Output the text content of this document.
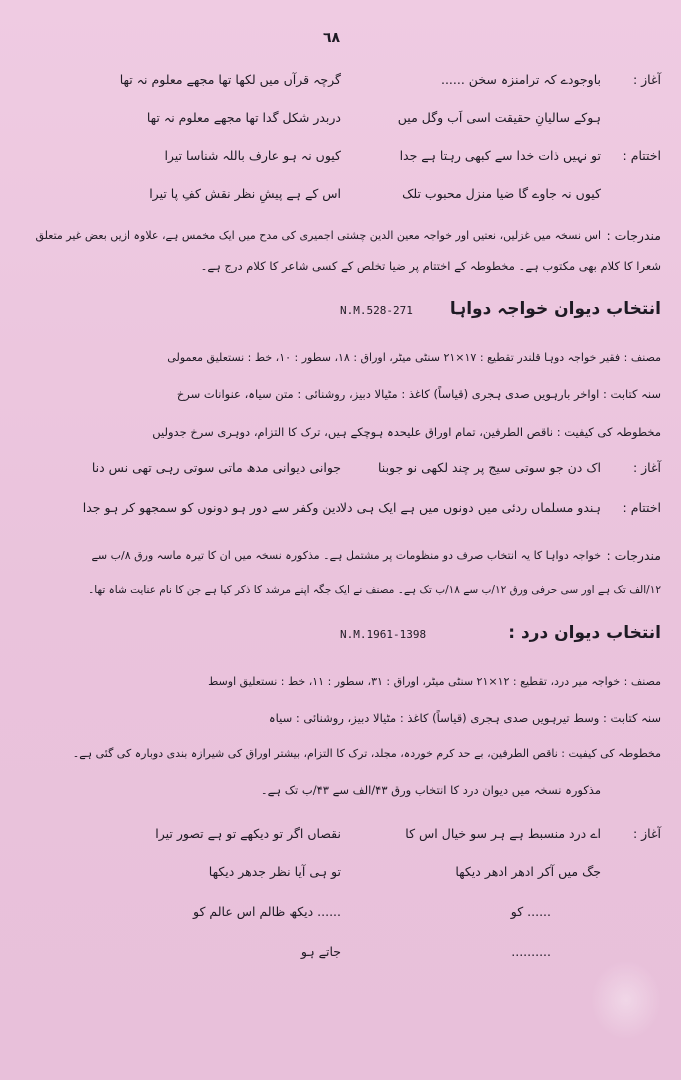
٦٨
آغاز :
باوجودے کہ ترامنزہ سخن ......
گرچہ قرآں میں لکھا تھا مجھے معلوم نہ تھا
ہوکے سالیانِ حقیقت اسی اَب وگل میں
دربدر شکل گدا تھا مجھے معلوم نہ تھا
اختتام :
تو نہیں ذات خدا سے کبھی رہتا ہے جدا
کیوں نہ ہو عارف باللہ شناسا تیرا
کیوں نہ جاوے گا ضیا منزل محبوب تلک
اس کے ہے پیشِ نظر نقش کفِ پا تیرا
مندرجات :
اس نسخہ میں غزلیں، نعتیں اور خواجہ معین الدین چشتی اجمیری کی مدح میں ایک مخمس ہے، علاوہ ازیں بعض غیر متعلق
شعرا کا کلام بھی مکتوب ہے۔ مخطوطہ کے اختتام پر ضیا تخلص کے کسی شاعر کا کلام درج ہے۔
انتخاب دیوان خواجہ دواہا
N.M.528-271
مصنف : فقیر خواجہ دوہا قلندر تقطیع : ۱۷×۲۱ سنٹی میٹر، اوراق : ۱۸، سطور : ۱۰، خط : نستعلیق معمولی
سنہ کتابت : اواخر بارہویں صدی ہجری (قیاساً) کاغذ : مٹیالا دبیز، روشنائی : متن سیاہ، عنوانات سرخ
مخطوطہ کی کیفیت : ناقص الطرفین، تمام اوراق علیحدہ ہوچکے ہیں، ترک کا التزام، دوہری سرخ جدولیں
آغاز :
اک دن جو سوتی سیج پر چند لکھی نو جوبنا
جوانی دیوانی مدھ ماتی سوتی رہی تھی نس دنا
اختتام :
ہندو مسلماں ردئی میں دونوں میں ہے ایک ہی دلا
دین وکفر سے دور ہو دونوں کو سمجھو کر ہو جدا
مندرجات :
خواجہ دواہا کا یہ انتخاب صرف دو منظومات پر مشتمل ہے۔ مذکورہ نسخہ میں ان کا تیرہ ماسہ ورق ۸/ب سے
۱۲/الف تک ہے اور سی حرفی ورق ۱۲/ب سے ۱۸/ب تک ہے۔ مصنف نے ایک جگہ اپنے مرشد کا ذکر کیا ہے جن کا نام عنایت شاہ تھا۔
انتخاب دیوان درد :
N.M.1961-1398
مصنف : خواجہ میر درد، تقطیع : ۱۲×۲۱ سنٹی میٹر، اوراق : ۳۱، سطور : ۱۱، خط : نستعلیق اوسط
سنہ کتابت : وسط تیرہویں صدی ہجری (قیاساً) کاغذ : مٹیالا دبیز، روشنائی : سیاہ
مخطوطہ کی کیفیت : ناقص الطرفین، بے حد کرم خوردہ، مجلد، ترک کا التزام، بیشتر اوراق کی شیرازہ بندی دوبارہ کی گئی ہے۔
مذکورہ نسخہ میں دیوان درد کا انتخاب ورق ۴۳/الف سے ۴۳/ب تک ہے۔
آغاز :
اے درد منسبط ہے ہر سو خیال اس کا
نقصاں اگر تو دیکھے تو ہے تصور تیرا
جگ میں آکر ادھر ادھر دیکھا
تو ہی آیا نظر جدھر دیکھا
...... کو
...... دیکھ ظالم اس عالم کو
..........
جاتے ہو
